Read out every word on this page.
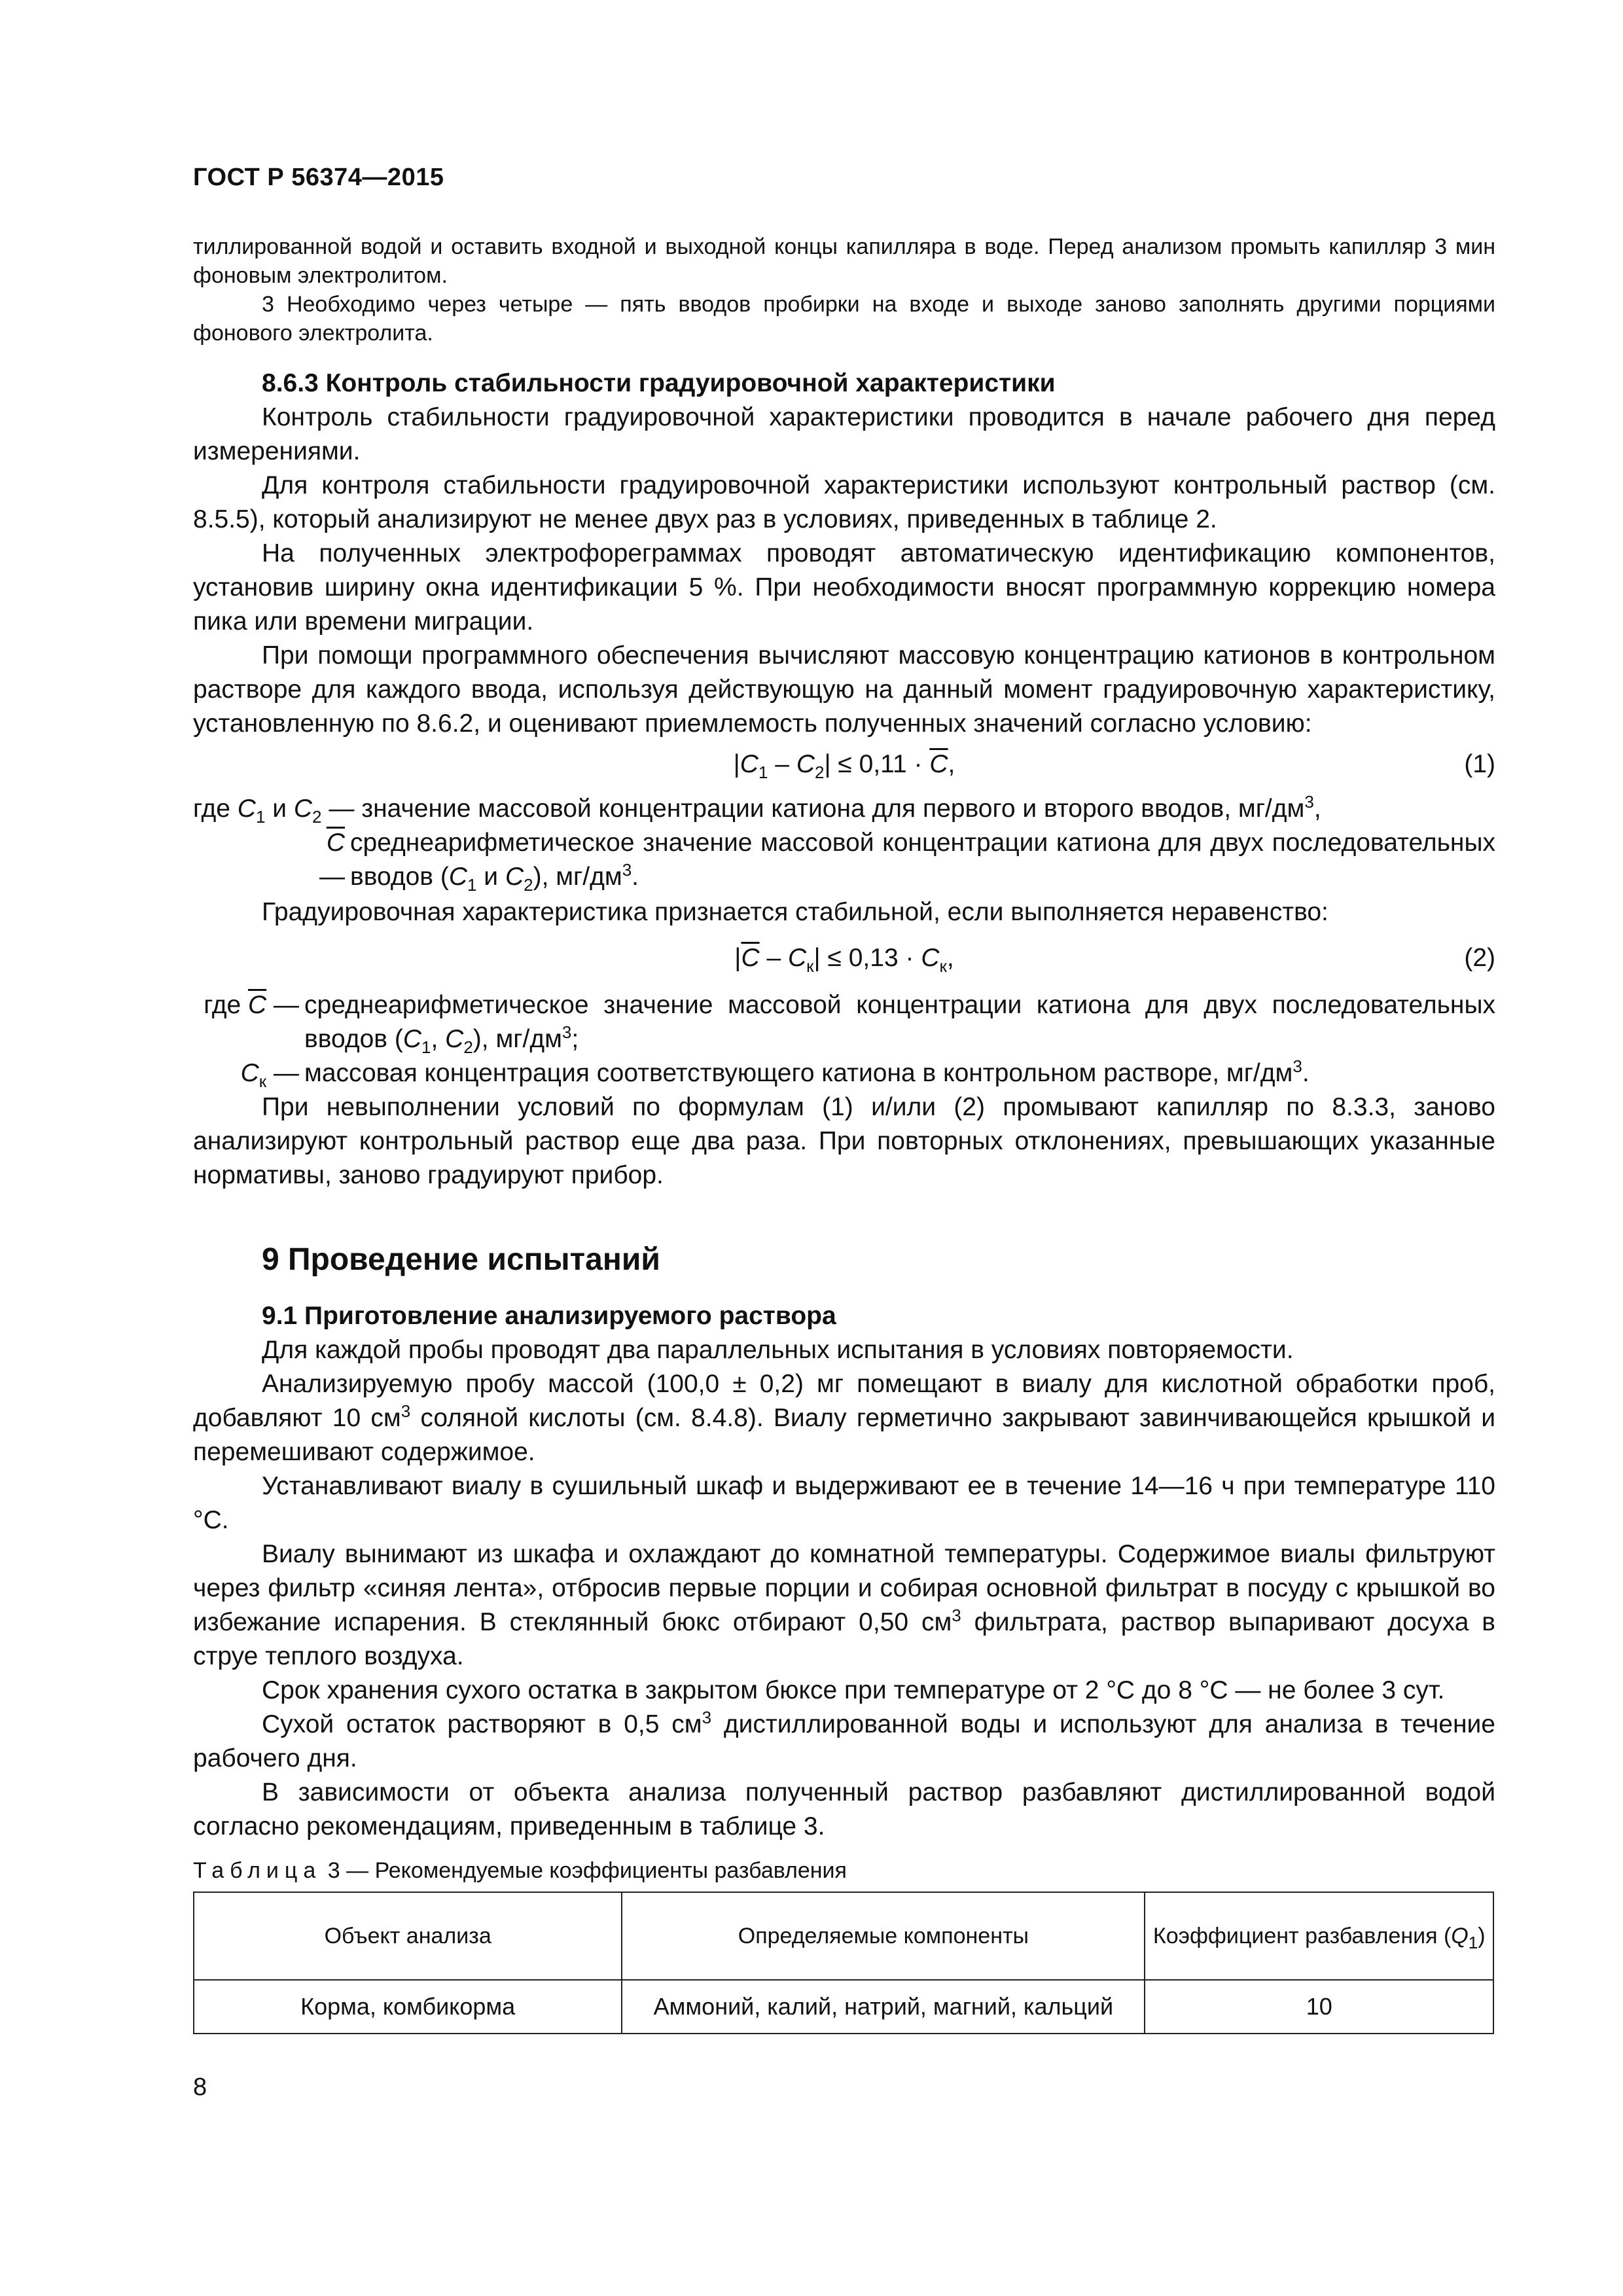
ГОСТ Р 56374—2015

тиллированной водой и оставить входной и выходной концы капилляра в воде. Перед анализом промыть капилляр 3 мин фоновым электролитом.

3 Необходимо через четыре — пять вводов пробирки на входе и выходе заново заполнять другими порциями фонового электролита.

8.6.3 Контроль стабильности градуировочной характеристики

Контроль стабильности градуировочной характеристики проводится в начале рабочего дня перед измерениями.

Для контроля стабильности градуировочной характеристики используют контрольный раствор (см. 8.5.5), который анализируют не менее двух раз в условиях, приведенных в таблице 2.

На полученных электрофореграммах проводят автоматическую идентификацию компонентов, установив ширину окна идентификации 5 %. При необходимости вносят программную коррекцию номера пика или времени миграции.

При помощи программного обеспечения вычисляют массовую концентрацию катионов в контрольном растворе для каждого ввода, используя действующую на данный момент градуировочную характеристику, установленную по 8.6.2, и оценивают приемлемость полученных значений согласно условию:

$|C_1 - C_2| \le 0,11 \cdot \overline{C}$,	(1)
где $C_1$ и $C_2$ — значение массовой концентрации катиона для первого и второго вводов, $мг/дм^3$,
$\overline{C}$ —
среднеарифметическое значение массовой концентрации катиона для двух последовательных вводов ($C_1$ и $C_2$), $мг/дм^3$.

Градуировочная характеристика признается стабильной, если выполняется неравенство:

$|\overline{C} - C_к| \le 0,13 \cdot C_к$,	(2)
где $\overline{C}$ — среднеарифметическое значение массовой концентрации катиона для двух последовательных вводов ($C_1$, $C_2$), $мг/дм^3$;
$C_к$ — массовая концентрация соответствующего катиона в контрольном растворе, $мг/дм^3$.

При невыполнении условий по формулам (1) и/или (2) промывают капилляр по 8.3.3, заново анализируют контрольный раствор еще два раза. При повторных отклонениях, превышающих указанные нормативы, заново градуируют прибор.

9 Проведение испытаний
9.1 Приготовление анализируемого раствора

Для каждой пробы проводят два параллельных испытания в условиях повторяемости.

Анализируемую пробу массой (100,0 ± 0,2) мг помещают в виалу для кислотной обработки проб, добавляют 10 $см^3$ соляной кислоты (см. 8.4.8). Виалу герметично закрывают завинчивающейся крышкой и перемешивают содержимое.

Устанавливают виалу в сушильный шкаф и выдерживают ее в течение 14—16 ч при температуре 110 °С.

Виалу вынимают из шкафа и охлаждают до комнатной температуры. Содержимое виалы фильтруют через фильтр «синяя лента», отбросив первые порции и собирая основной фильтрат в посуду с крышкой во избежание испарения. В стеклянный бюкс отбирают 0,50 $см^3$ фильтрата, раствор выпаривают досуха в струе теплого воздуха.

Срок хранения сухого остатка в закрытом бюксе при температуре от 2 °С до 8 °С — не более 3 сут.

Сухой остаток растворяют в 0,5 $см^3$ дистиллированной воды и используют для анализа в течение рабочего дня.

В зависимости от объекта анализа полученный раствор разбавляют дистиллированной водой согласно рекомендациям, приведенным в таблице 3.

Таблица 3 — Рекомендуемые коэффициенты разбавления
Объект анализа	Определяемые компоненты	Коэффициент разбавления $(Q_1)$
Корма, комбикорма	Аммоний, калий, натрий, магний, кальций	10
8
